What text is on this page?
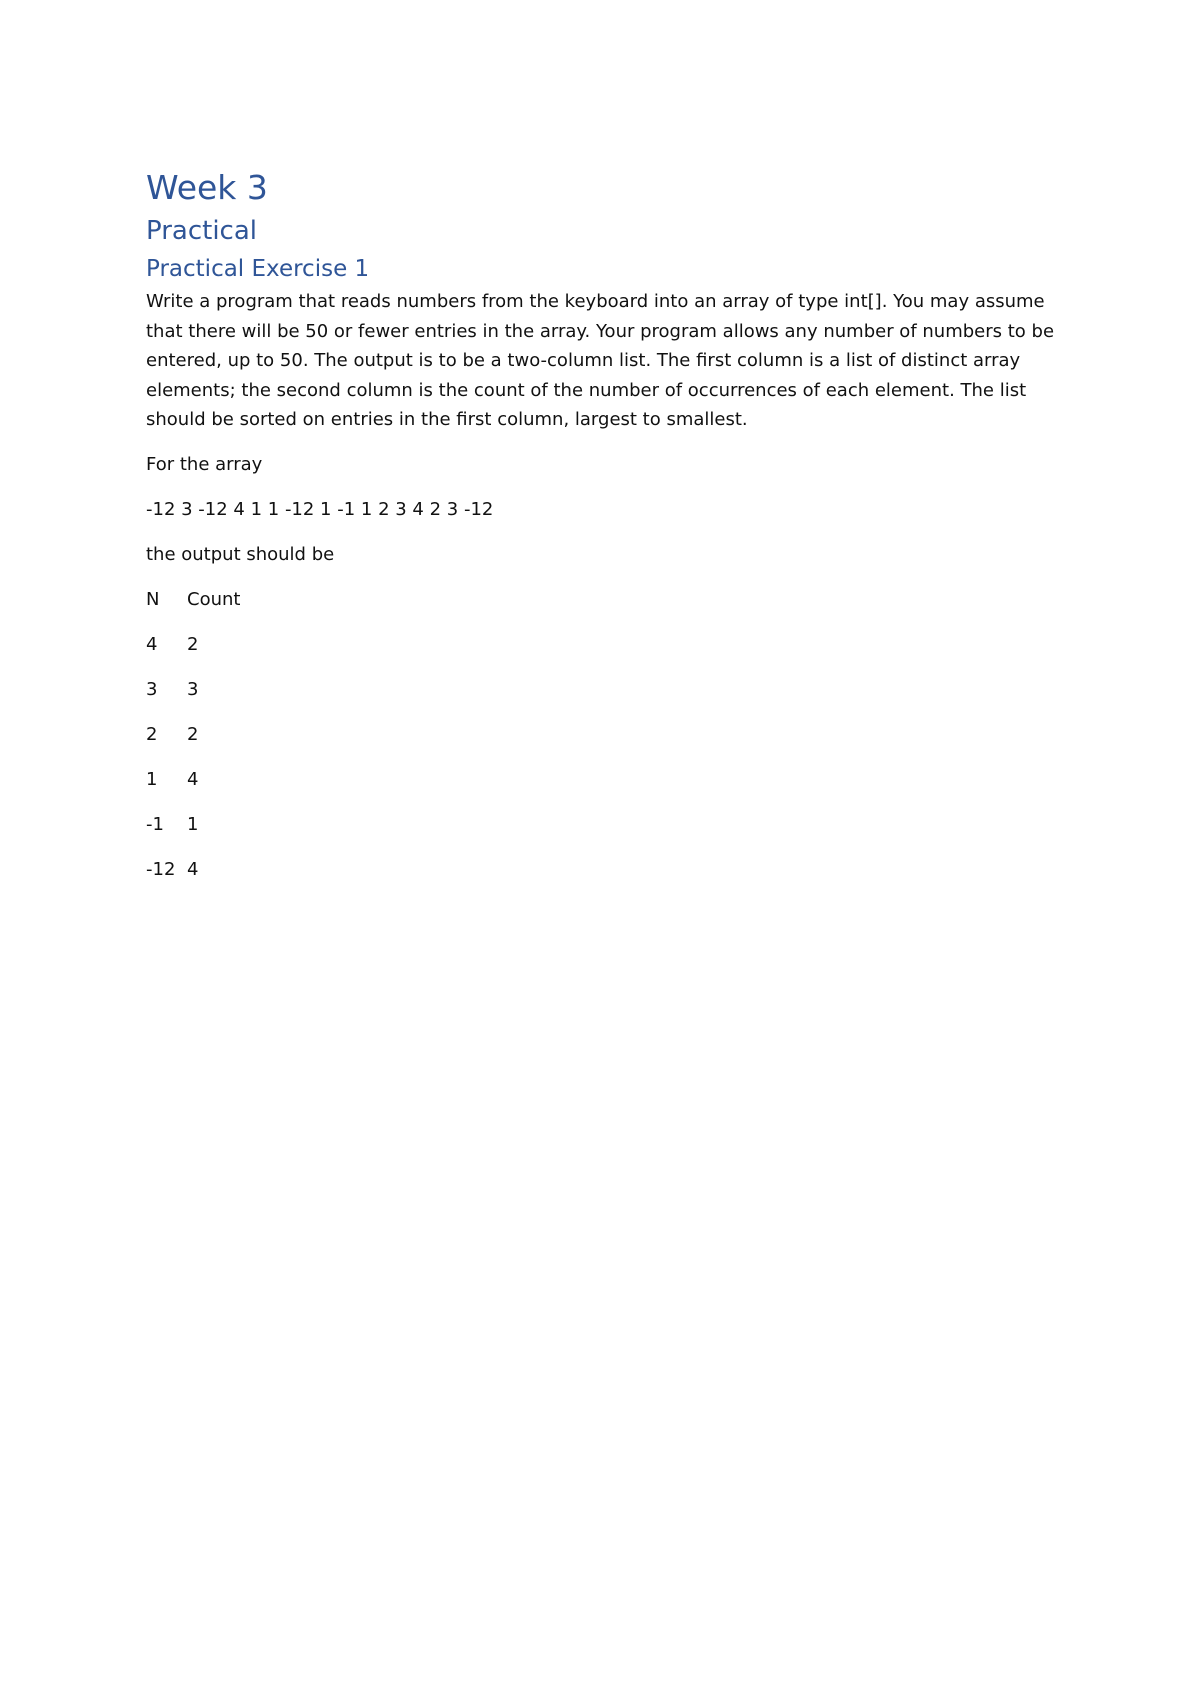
Week 3
Practical
Practical Exercise 1

Write a program that reads numbers from the keyboard into an array of type int[]. You may assume that there will be 50 or fewer entries in the array. Your program allows any number of numbers to be entered, up to 50. The output is to be a two-column list. The first column is a list of distinct array elements; the second column is the count of the number of occurrences of each element. The list should be sorted on entries in the first column, largest to smallest.

For the array

-12 3 -12 4 1 1 -12 1 -1 1 2 3 4 2 3 -12

the output should be

N	Count
4	2
3	3
2	2
1	4
-1	1
-12 4
